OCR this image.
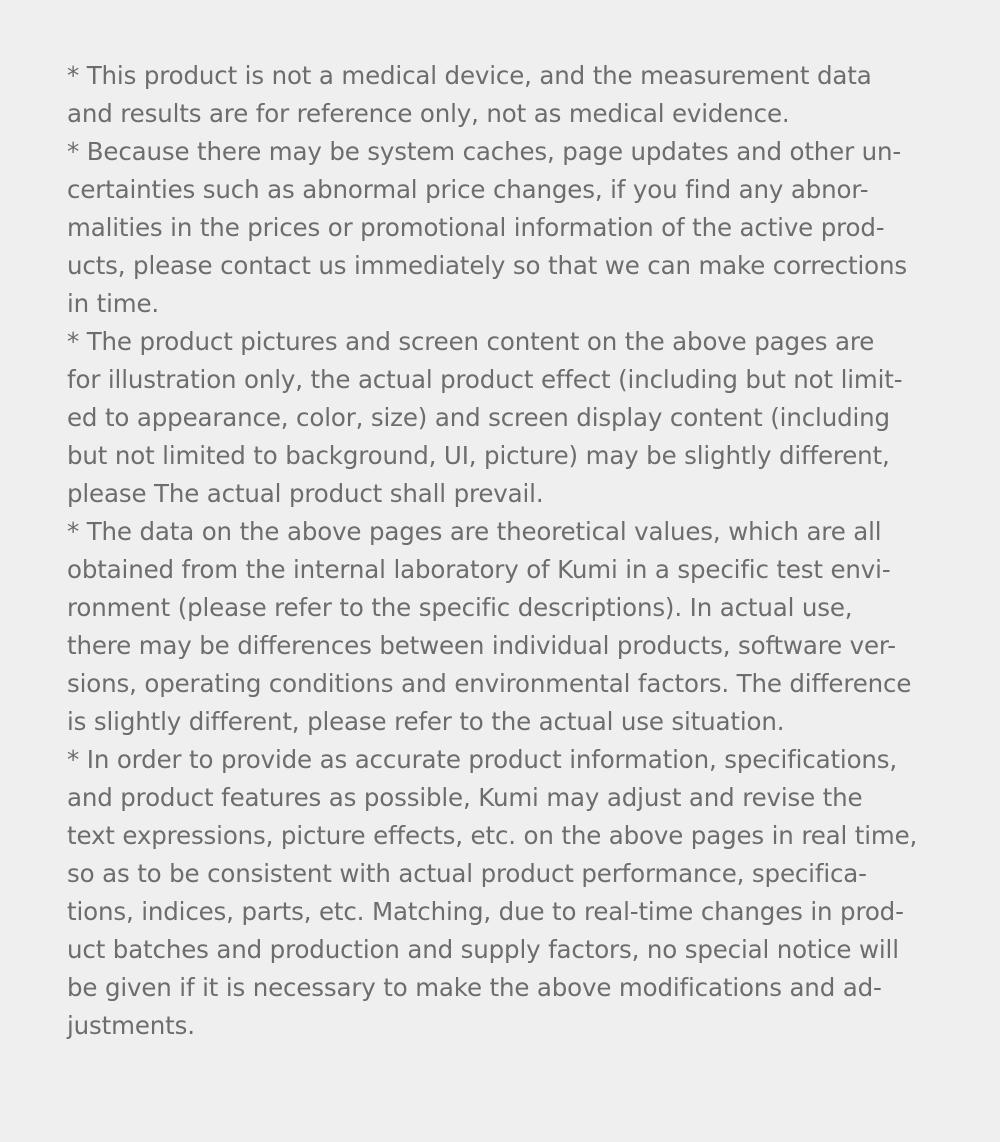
* This product is not a medical device, and the measurement data
and results are for reference only, not as medical evidence.
* Because there may be system caches, page updates and other un-
certainties such as abnormal price changes, if you find any abnor-
malities in the prices or promotional information of the active prod-
ucts, please contact us immediately so that we can make corrections
in time.
* The product pictures and screen content on the above pages are
for illustration only, the actual product effect (including but not limit-
ed to appearance, color, size) and screen display content (including
but not limited to background, UI, picture) may be slightly different,
please The actual product shall prevail.
* The data on the above pages are theoretical values, which are all
obtained from the internal laboratory of Kumi in a specific test envi-
ronment (please refer to the specific descriptions). In actual use,
there may be differences between individual products, software ver-
sions, operating conditions and environmental factors. The difference
is slightly different, please refer to the actual use situation.
* In order to provide as accurate product information, specifications,
and product features as possible, Kumi may adjust and revise the
text expressions, picture effects, etc. on the above pages in real time,
so as to be consistent with actual product performance, specifica-
tions, indices, parts, etc. Matching, due to real-time changes in prod-
uct batches and production and supply factors, no special notice will
be given if it is necessary to make the above modifications and ad-
justments.
